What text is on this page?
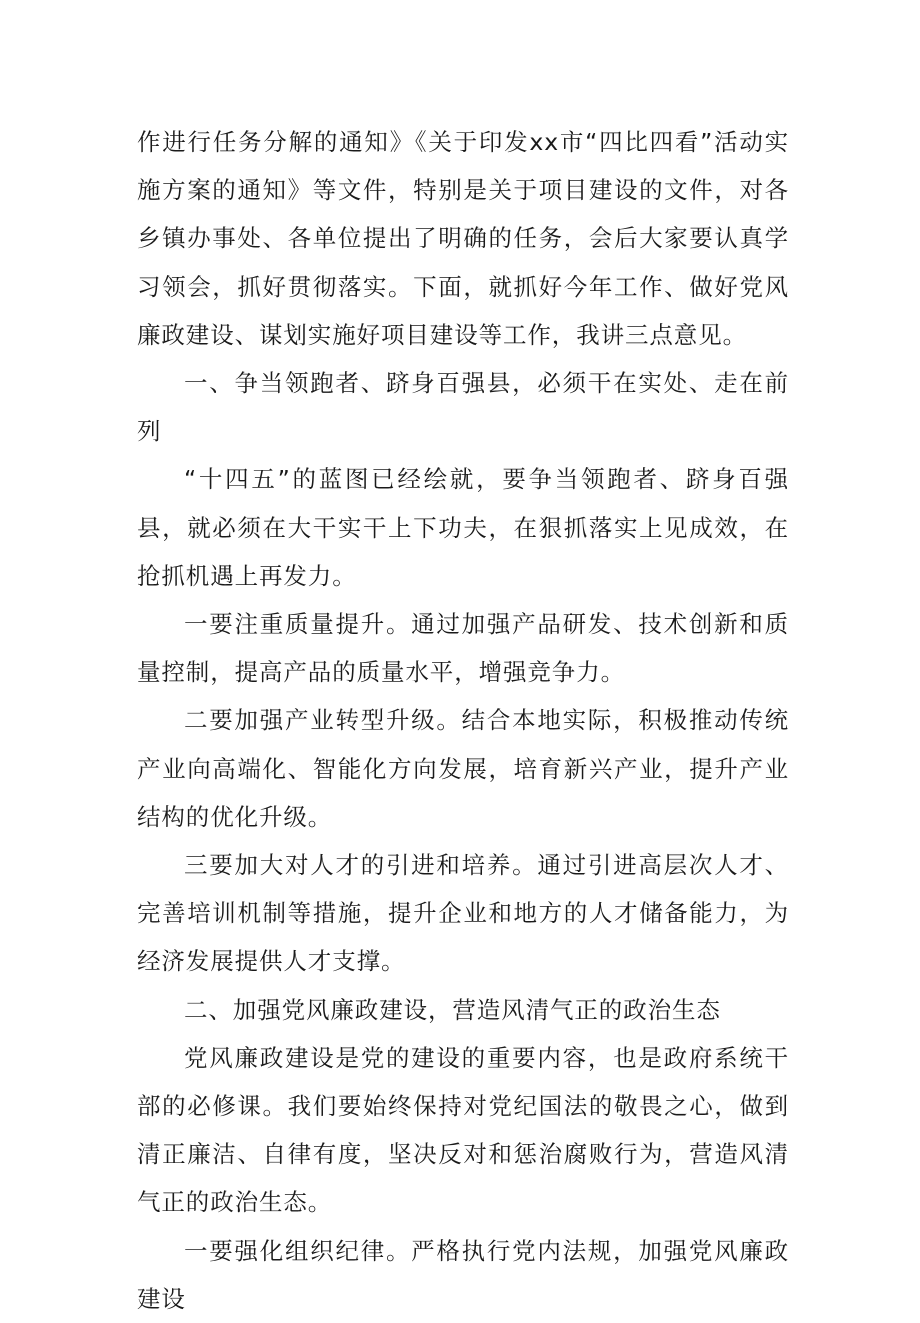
作进行任务分解的通知》《关于印发xx市“四比四看”活动实施方案的通知》等文件，特别是关于项目建设的文件，对各乡镇办事处、各单位提出了明确的任务，会后大家要认真学习领会，抓好贯彻落实。下面，就抓好今年工作、做好党风廉政建设、谋划实施好项目建设等工作，我讲三点意见。

一、争当领跑者、跻身百强县，必须干在实处、走在前列

“十四五”的蓝图已经绘就，要争当领跑者、跻身百强县，就必须在大干实干上下功夫，在狠抓落实上见成效，在抢抓机遇上再发力。

一要注重质量提升。通过加强产品研发、技术创新和质量控制，提高产品的质量水平，增强竞争力。

二要加强产业转型升级。结合本地实际，积极推动传统产业向高端化、智能化方向发展，培育新兴产业，提升产业结构的优化升级。

三要加大对人才的引进和培养。通过引进高层次人才、完善培训机制等措施，提升企业和地方的人才储备能力，为经济发展提供人才支撑。

二、加强党风廉政建设，营造风清气正的政治生态

党风廉政建设是党的建设的重要内容，也是政府系统干部的必修课。我们要始终保持对党纪国法的敬畏之心，做到清正廉洁、自律有度，坚决反对和惩治腐败行为，营造风清气正的政治生态。

一要强化组织纪律。严格执行党内法规，加强党风廉政建设
